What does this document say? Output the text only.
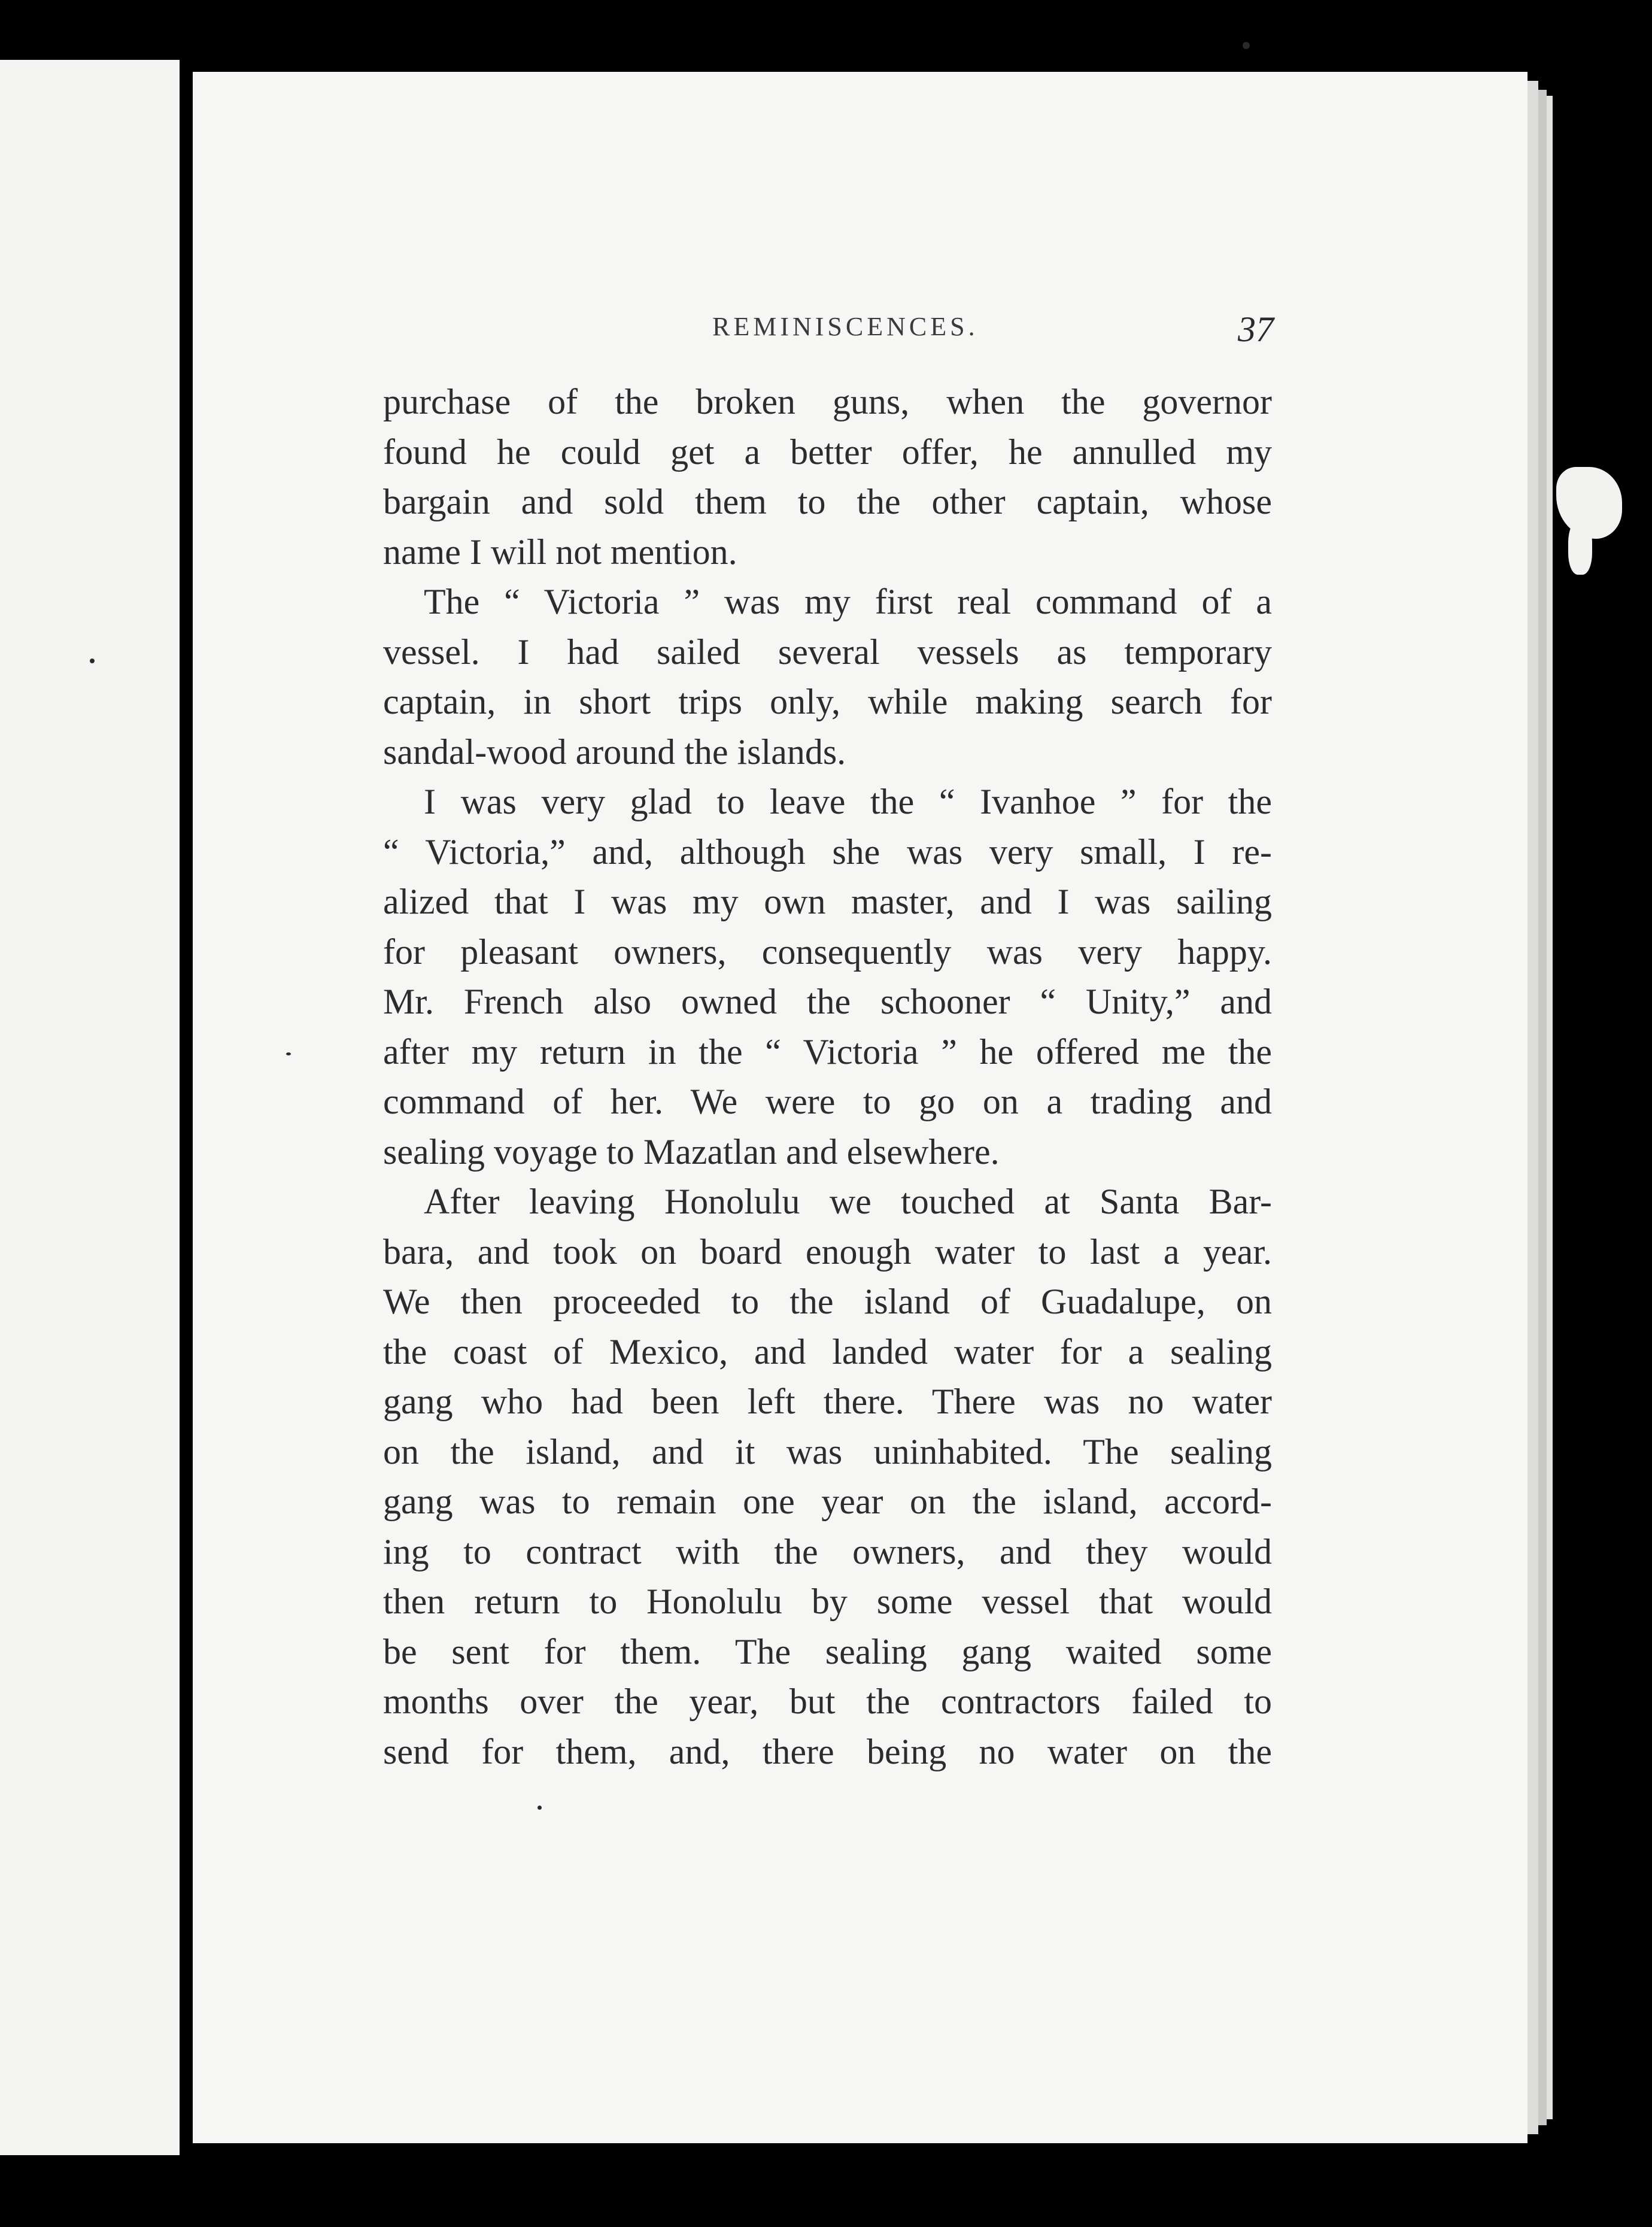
REMINISCENCES.	37
purchase of the broken guns, when the governor
found he could get a better offer, he annulled my
bargain and sold them to the other captain, whose
name I will not mention.
The “ Victoria ” was my first real command of a
vessel. I had sailed several vessels as temporary
captain, in short trips only, while making search for
sandal-wood around the islands.
I was very glad to leave the “ Ivanhoe ” for the
“ Victoria,” and, although she was very small, I re-
alized that I was my own master, and I was sailing
for pleasant owners, consequently was very happy.
Mr. French also owned the schooner “ Unity,” and
after my return in the “ Victoria ” he offered me the
command of her. We were to go on a trading and
sealing voyage to Mazatlan and elsewhere.
After leaving Honolulu we touched at Santa Bar-
bara, and took on board enough water to last a year.
We then proceeded to the island of Guadalupe, on
the coast of Mexico, and landed water for a sealing
gang who had been left there. There was no water
on the island, and it was uninhabited. The sealing
gang was to remain one year on the island, accord-
ing to contract with the owners, and they would
then return to Honolulu by some vessel that would
be sent for them. The sealing gang waited some
months over the year, but the contractors failed to
send for them, and, there being no water on the
